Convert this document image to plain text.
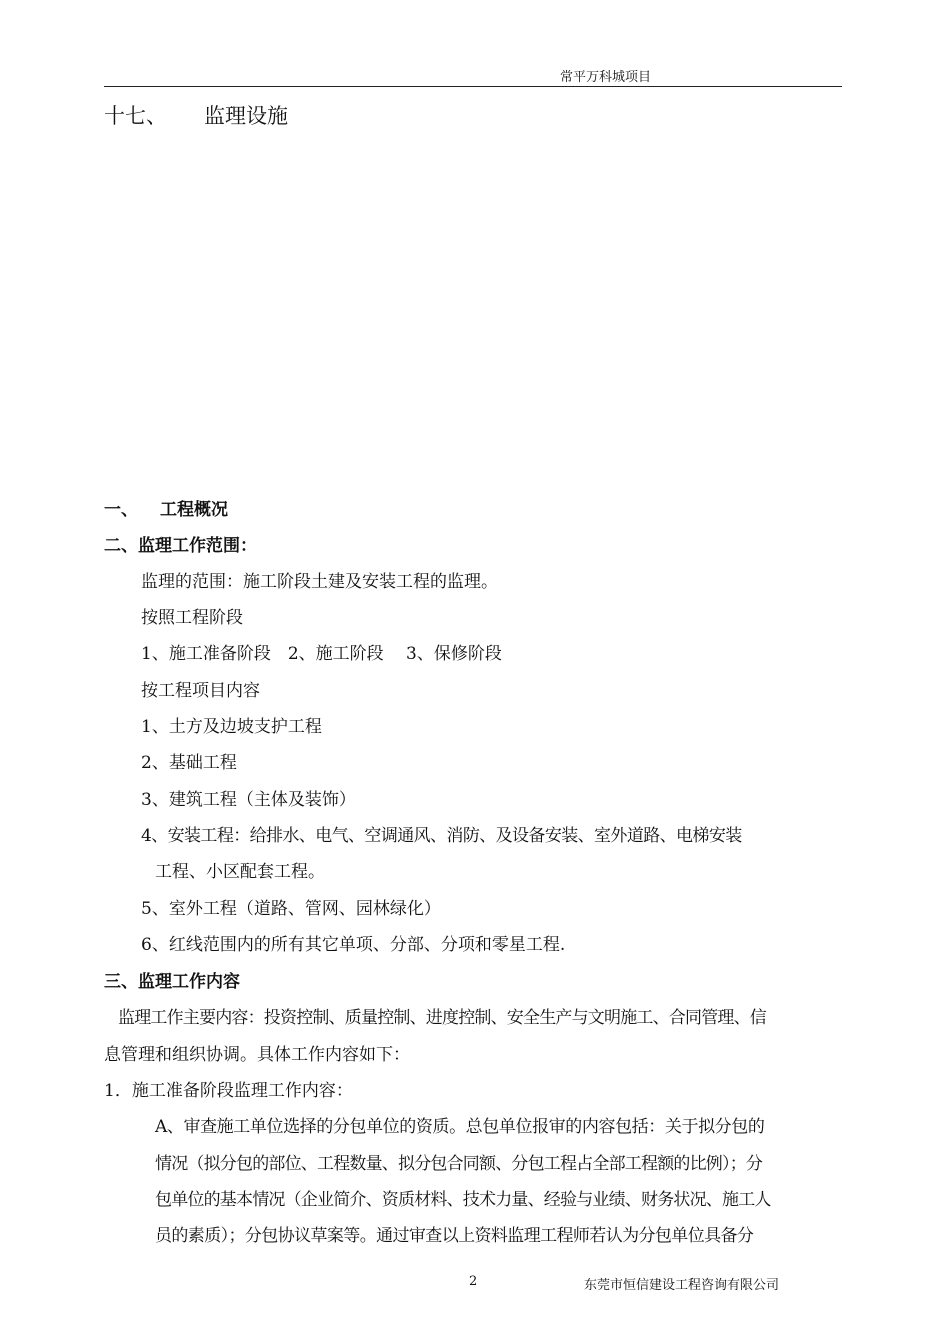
常平万科城项目
十七、 监理设施
一、 工程概况
二、监理工作范围：
监理的范围：施工阶段土建及安装工程的监理。
按照工程阶段
1、施工准备阶段　2、施工阶段　 3、保修阶段
按工程项目内容
1、土方及边坡支护工程
2、基础工程
3、建筑工程（主体及装饰）
4、安装工程：给排水、电气、空调通风、消防、及设备安装、室外道路、电梯安装
工程、小区配套工程。
5、室外工程（道路、管网、园林绿化）
6、红线范围内的所有其它单项、分部、分项和零星工程.
三、监理工作内容
监理工作主要内容：投资控制、质量控制、进度控制、安全生产与文明施工、合同管理、信
息管理和组织协调。具体工作内容如下：
1．施工准备阶段监理工作内容：
A、审查施工单位选择的分包单位的资质。总包单位报审的内容包括：关于拟分包的
情况（拟分包的部位、工程数量、拟分包合同额、分包工程占全部工程额的比例）；分
包单位的基本情况（企业简介、资质材料、技术力量、经验与业绩、财务状况、施工人
员的素质）；分包协议草案等。通过审查以上资料监理工程师若认为分包单位具备分
2	东莞市恒信建设工程咨询有限公司
